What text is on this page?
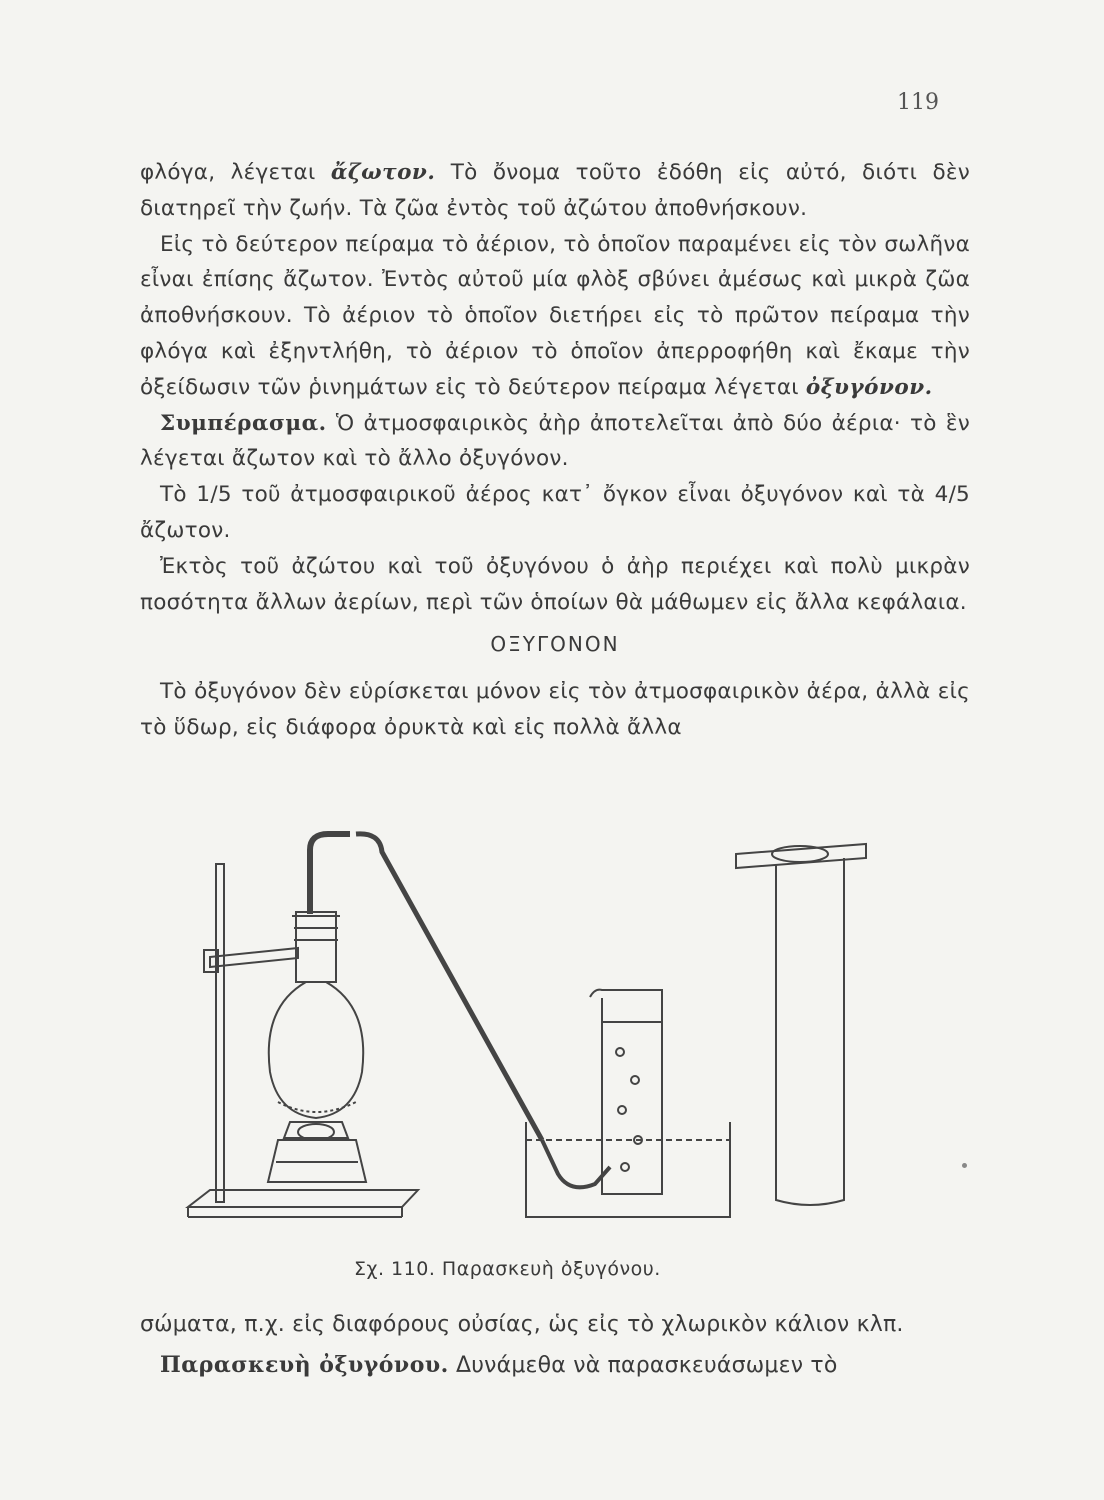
119

φλόγα, λέγεται ἄζωτον. Τὸ ὄνομα τοῦτο ἐδόθη εἰς αὐτό, διότι δὲν διατηρεῖ τὴν ζωήν. Τὰ ζῶα ἐντὸς τοῦ ἀζώτου ἀποθνήσκουν.

Εἰς τὸ δεύτερον πείραμα τὸ ἀέριον, τὸ ὁποῖον παραμένει εἰς τὸν σωλῆνα εἶναι ἐπίσης ἄζωτον. Ἐντὸς αὐτοῦ μία φλὸξ σβύνει ἀμέσως καὶ μικρὰ ζῶα ἀποθνήσκουν. Τὸ ἀέριον τὸ ὁποῖον διετήρει εἰς τὸ πρῶτον πείραμα τὴν φλόγα καὶ ἐξηντλήθη, τὸ ἀέριον τὸ ὁποῖον ἀπερροφήθη καὶ ἔκαμε τὴν ὀξείδωσιν τῶν ῥινημάτων εἰς τὸ δεύτερον πείραμα λέγεται ὀξυγόνον.

Συμπέρασμα. Ὁ ἀτμοσφαιρικὸς ἀὴρ ἀποτελεῖται ἀπὸ δύο ἀέρια· τὸ ἓν λέγεται ἄζωτον καὶ τὸ ἄλλο ὀξυγόνον.

Τὸ 1/5 τοῦ ἀτμοσφαιρικοῦ ἀέρος κατ᾽ ὄγκον εἶναι ὀξυγόνον καὶ τὰ 4/5 ἄζωτον.

Ἐκτὸς τοῦ ἀζώτου καὶ τοῦ ὀξυγόνου ὁ ἀὴρ περιέχει καὶ πολὺ μικρὰν ποσότητα ἄλλων ἀερίων, περὶ τῶν ὁποίων θὰ μάθωμεν εἰς ἄλλα κεφάλαια.

ΟΞΥΓΟΝΟΝ

Τὸ ὀξυγόνον δὲν εὑρίσκεται μόνον εἰς τὸν ἀτμοσφαιρικὸν ἀέρα, ἀλλὰ εἰς τὸ ὕδωρ, εἰς διάφορα ὀρυκτὰ καὶ εἰς πολλὰ ἄλλα

Σχ. 110. Παρασκευὴ ὀξυγόνου.

σώματα, π.χ. εἰς διαφόρους οὐσίας, ὡς εἰς τὸ χλωρικὸν κάλιον κλπ.

Παρασκευὴ ὀξυγόνου. Δυνάμεθα νὰ παρασκευάσωμεν τὸ
